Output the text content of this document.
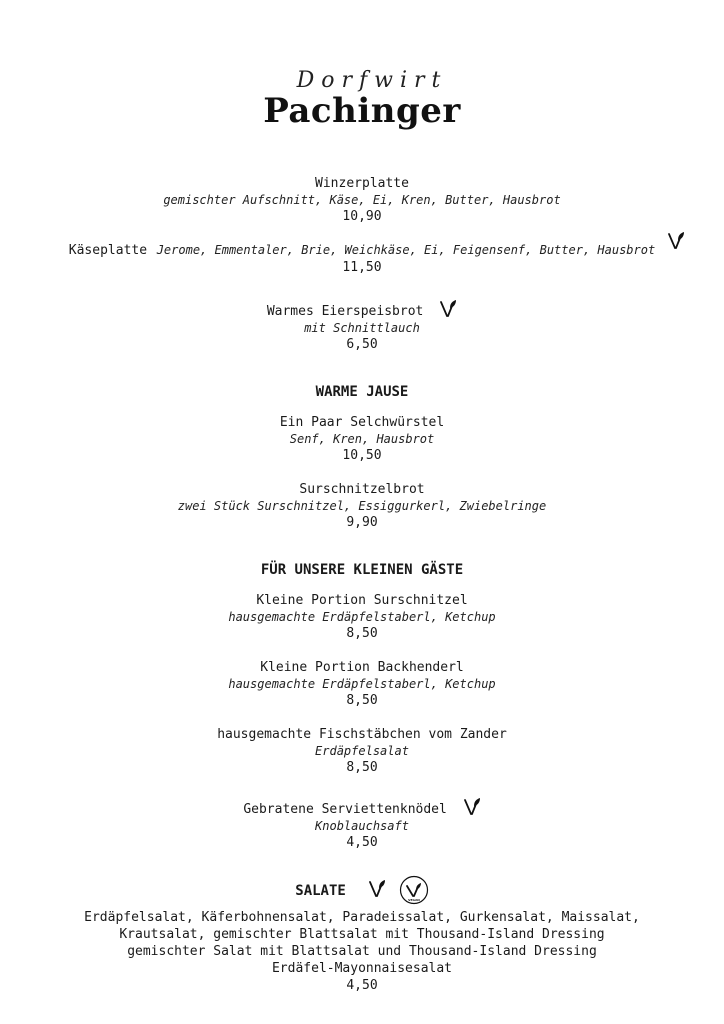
Dorfwirt
Pachinger
Winzerplatte
gemischter Aufschnitt, Käse, Ei, Kren, Butter, Hausbrot
10,90
Käseplatte Jerome, Emmentaler, Brie, Weichkäse, Ei, Feigensenf, Butter, Hausbrot
11,50
Warmes Eierspeisbrot
mit Schnittlauch
6,50
WARME JAUSE
Ein Paar Selchwürstel
Senf, Kren, Hausbrot
10,50
Surschnitzelbrot
zwei Stück Surschnitzel, Essiggurkerl, Zwiebelringe
9,90
FÜR UNSERE KLEINEN GÄSTE
Kleine Portion Surschnitzel
hausgemachte Erdäpfelstaberl, Ketchup
8,50
Kleine Portion Backhenderl
hausgemachte Erdäpfelstaberl, Ketchup
8,50
hausgemachte Fischstäbchen vom Zander
Erdäpfelsalat
8,50
Gebratene Serviettenknödel
Knoblauchsaft
4,50
SALATE
VEGAN
Erdäpfelsalat, Käferbohnensalat, Paradeissalat, Gurkensalat, Maissalat,
Krautsalat, gemischter Blattsalat mit Thousand-Island Dressing
gemischter Salat mit Blattsalat und Thousand-Island Dressing
Erdäfel-Mayonnaisesalat
4,50
